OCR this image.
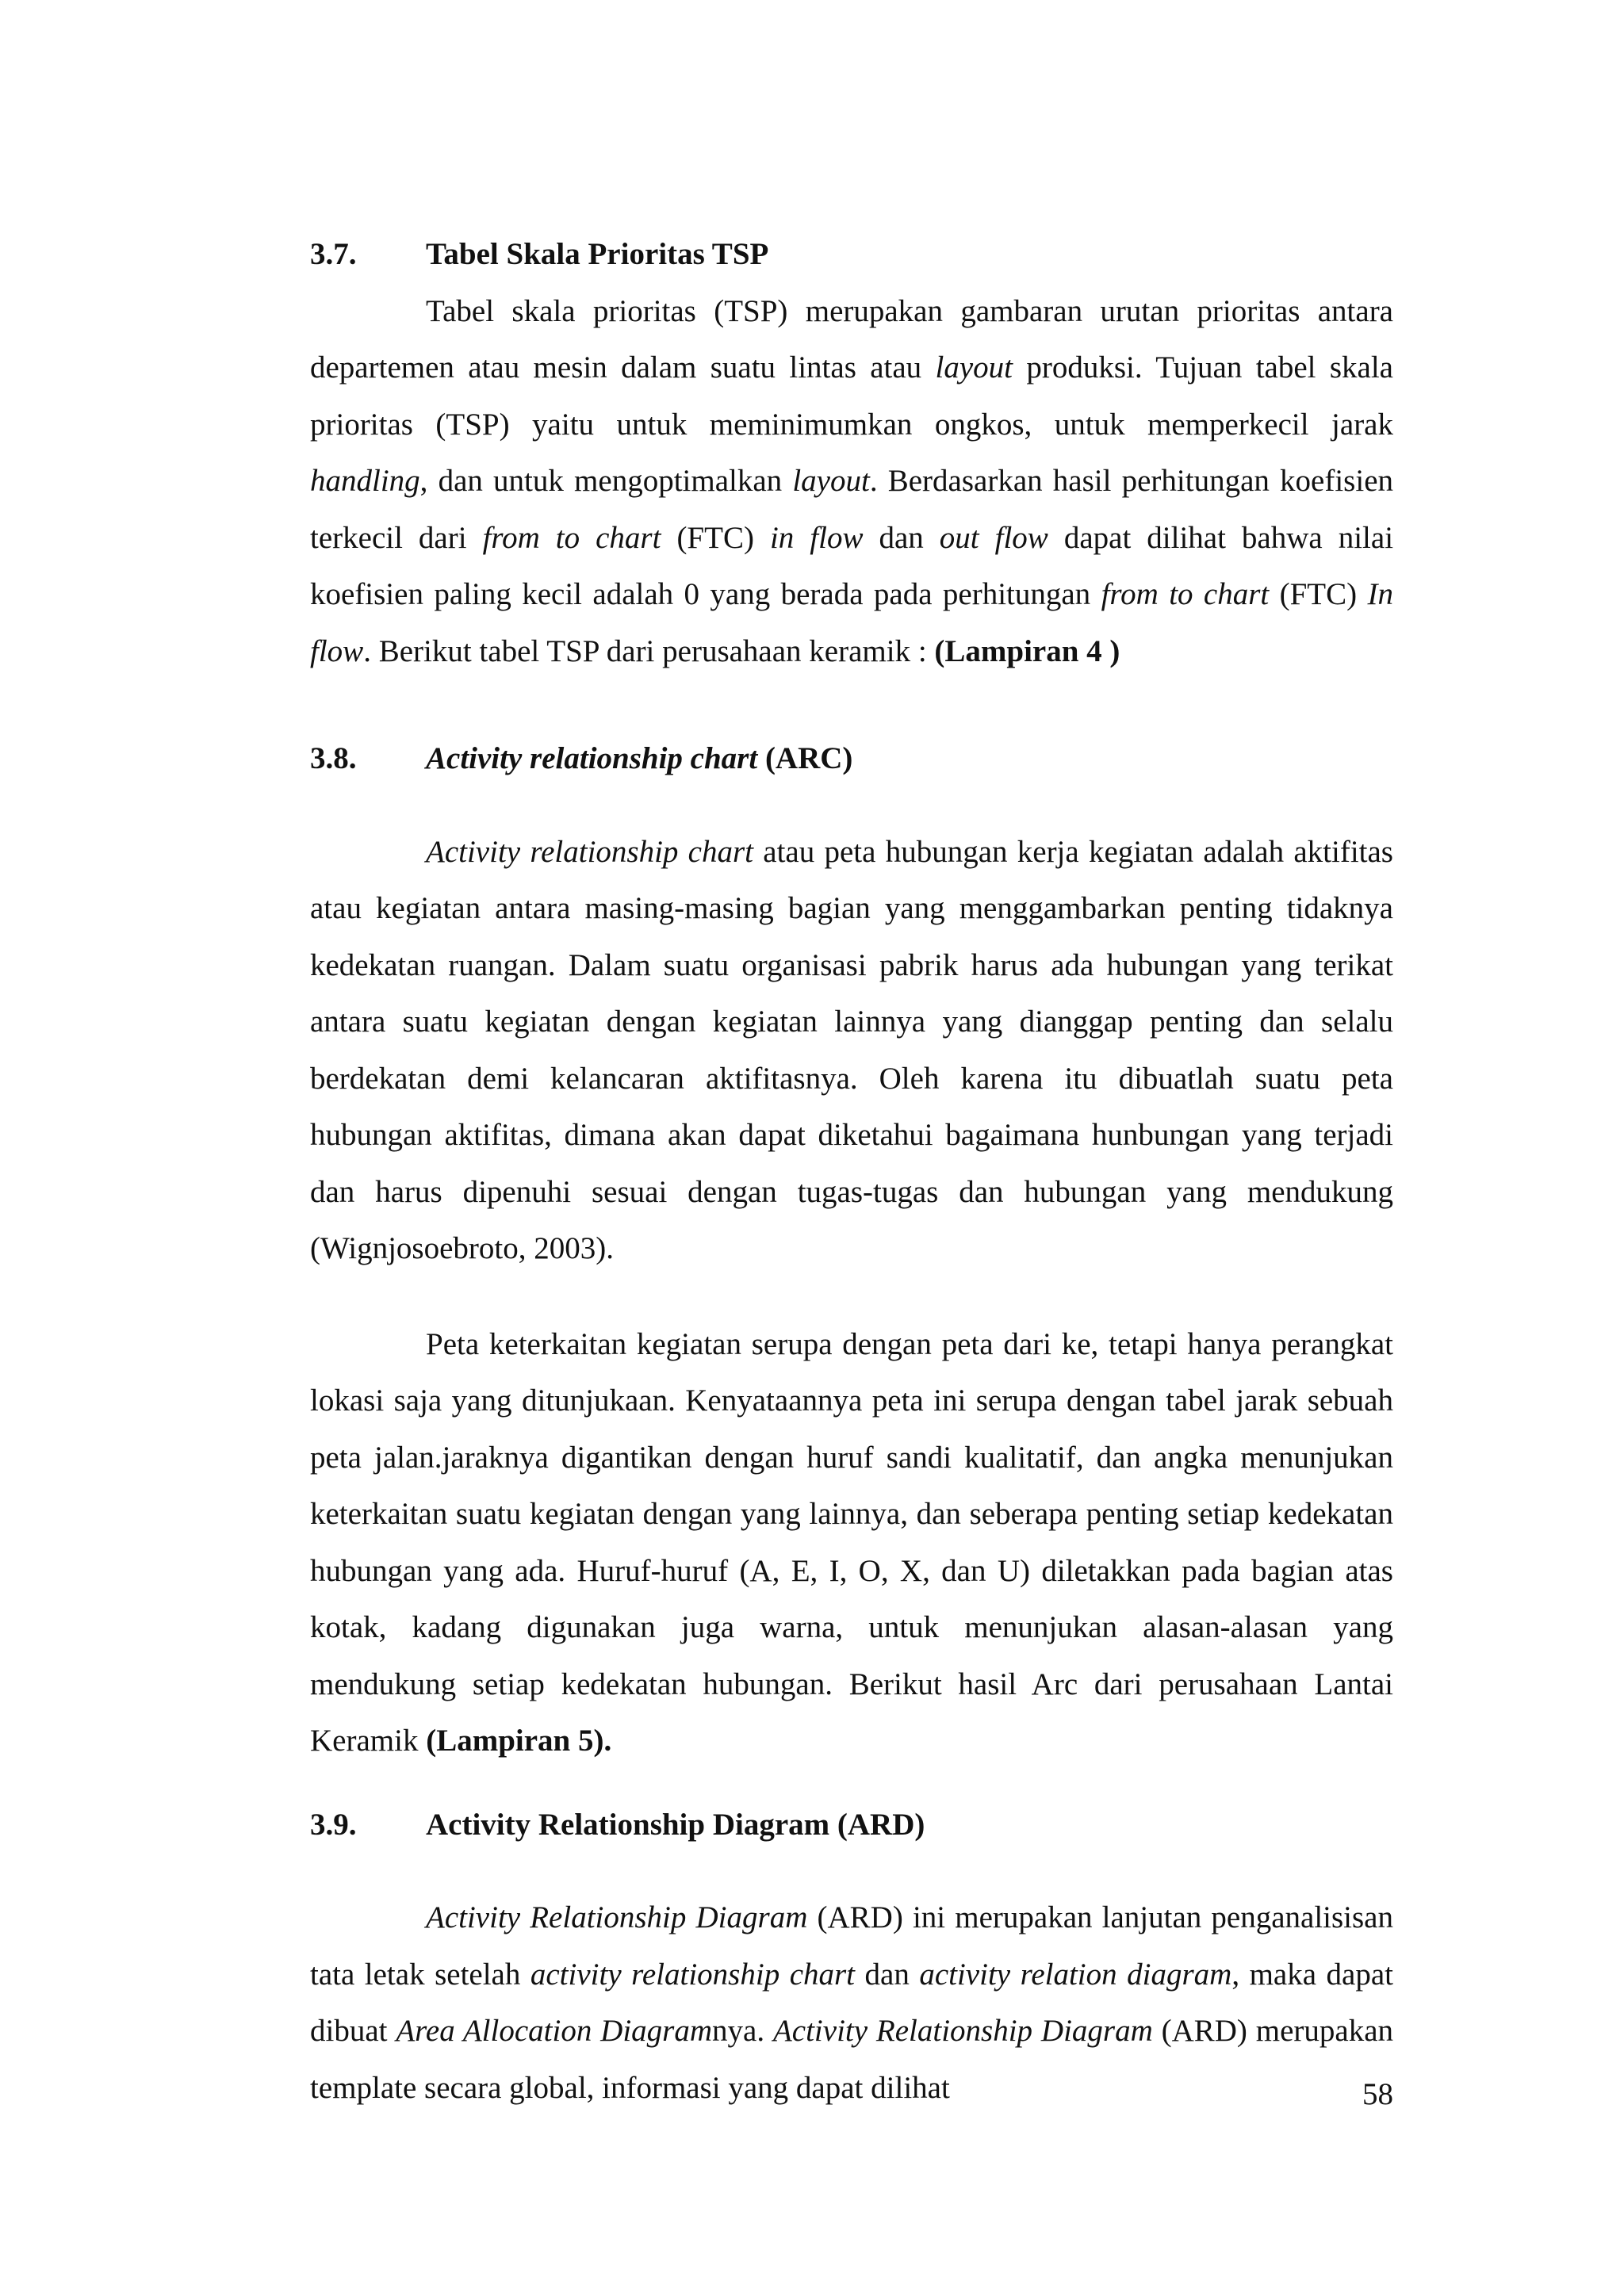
3.7.	Tabel Skala Prioritas TSP

Tabel skala prioritas (TSP) merupakan gambaran urutan prioritas antara departemen atau mesin dalam suatu lintas atau layout produksi. Tujuan tabel skala prioritas (TSP) yaitu untuk meminimumkan ongkos, untuk memperkecil jarak handling, dan untuk mengoptimalkan layout. Berdasarkan hasil perhitungan koefisien terkecil dari from to chart (FTC) in flow dan out flow dapat dilihat bahwa nilai koefisien paling kecil adalah 0 yang berada pada perhitungan from to chart (FTC) In flow. Berikut tabel TSP dari perusahaan keramik : (Lampiran 4 )

3.8.	Activity relationship chart (ARC)

Activity relationship chart atau peta hubungan kerja kegiatan adalah aktifitas atau kegiatan antara masing-masing bagian yang menggambarkan penting tidaknya kedekatan ruangan. Dalam suatu organisasi pabrik harus ada hubungan yang terikat antara suatu kegiatan dengan kegiatan lainnya yang dianggap penting dan selalu berdekatan demi kelancaran aktifitasnya. Oleh karena itu dibuatlah suatu peta hubungan aktifitas, dimana akan dapat diketahui bagaimana hunbungan yang terjadi dan harus dipenuhi sesuai dengan tugas-tugas dan hubungan yang mendukung (Wignjosoebroto, 2003).

Peta keterkaitan kegiatan serupa dengan peta dari ke, tetapi hanya perangkat lokasi saja yang ditunjukaan. Kenyataannya peta ini serupa dengan tabel jarak sebuah peta jalan.jaraknya digantikan dengan huruf sandi kualitatif, dan angka menunjukan keterkaitan suatu kegiatan dengan yang lainnya, dan seberapa penting setiap kedekatan hubungan yang ada. Huruf-huruf (A, E, I, O, X, dan U) diletakkan pada bagian atas kotak, kadang digunakan juga warna, untuk menunjukan alasan-alasan yang mendukung setiap kedekatan hubungan. Berikut hasil Arc dari perusahaan Lantai Keramik (Lampiran 5).

3.9.	Activity Relationship Diagram (ARD)

Activity Relationship Diagram (ARD) ini merupakan lanjutan penganalisisan tata letak setelah activity relationship chart dan activity relation diagram, maka dapat dibuat Area Allocation Diagramnya. Activity Relationship Diagram (ARD) merupakan template secara global, informasi yang dapat dilihat	58
